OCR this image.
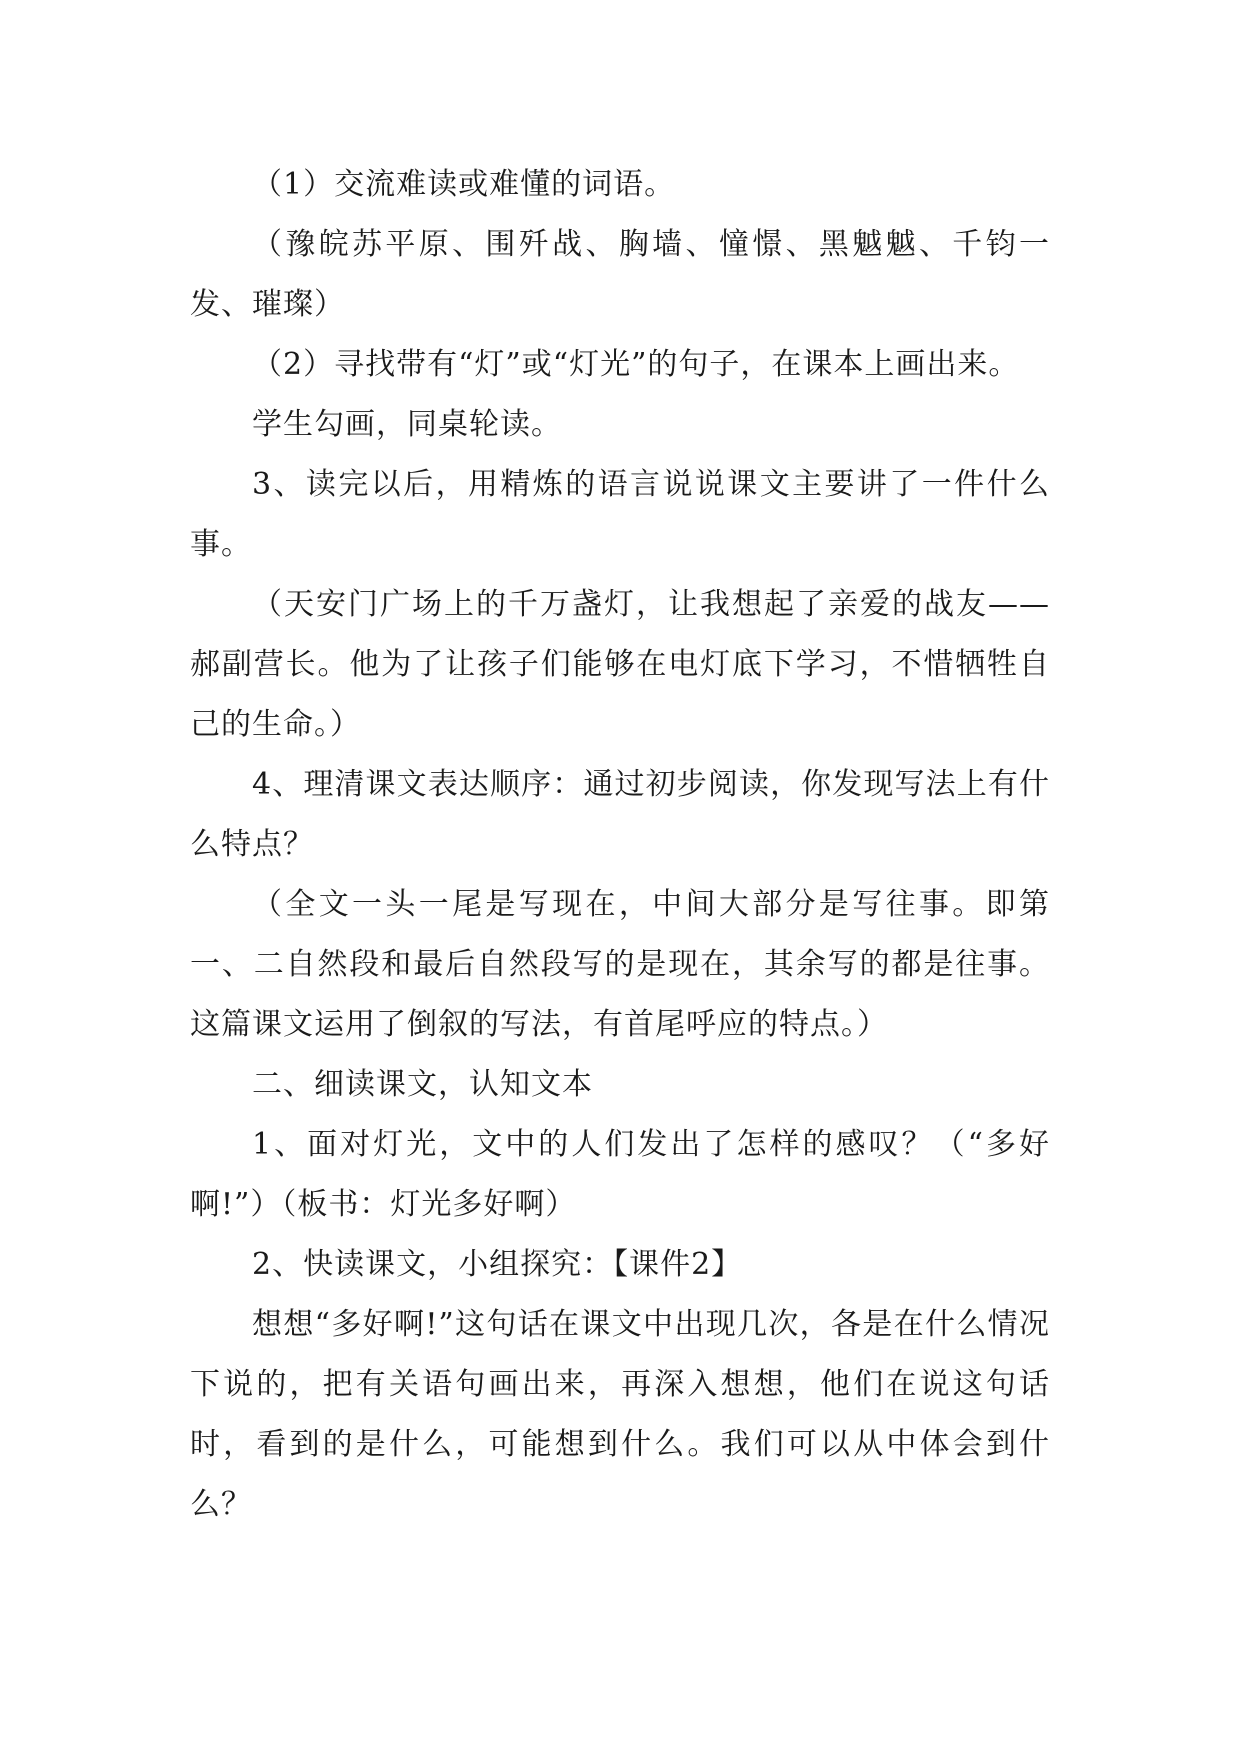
（1）交流难读或难懂的词语。

（豫皖苏平原、围歼战、胸墙、憧憬、黑魆魆、千钧一发、璀璨）

（2）寻找带有“灯”或“灯光”的句子，在课本上画出来。

学生勾画，同桌轮读。

3、读完以后，用精炼的语言说说课文主要讲了一件什么事。

（天安门广场上的千万盏灯，让我想起了亲爱的战友——郝副营长。他为了让孩子们能够在电灯底下学习，不惜牺牲自己的生命。）

4、理清课文表达顺序：通过初步阅读，你发现写法上有什么特点？

（全文一头一尾是写现在，中间大部分是写往事。即第一、二自然段和最后自然段写的是现在，其余写的都是往事。这篇课文运用了倒叙的写法，有首尾呼应的特点。）

二、细读课文，认知文本

1、面对灯光，文中的人们发出了怎样的感叹？（“多好啊!”）（板书：灯光多好啊）

2、快读课文，小组探究：【课件2】

想想“多好啊!”这句话在课文中出现几次，各是在什么情况下说的，把有关语句画出来，再深入想想，他们在说这句话时，看到的是什么，可能想到什么。我们可以从中体会到什么？
